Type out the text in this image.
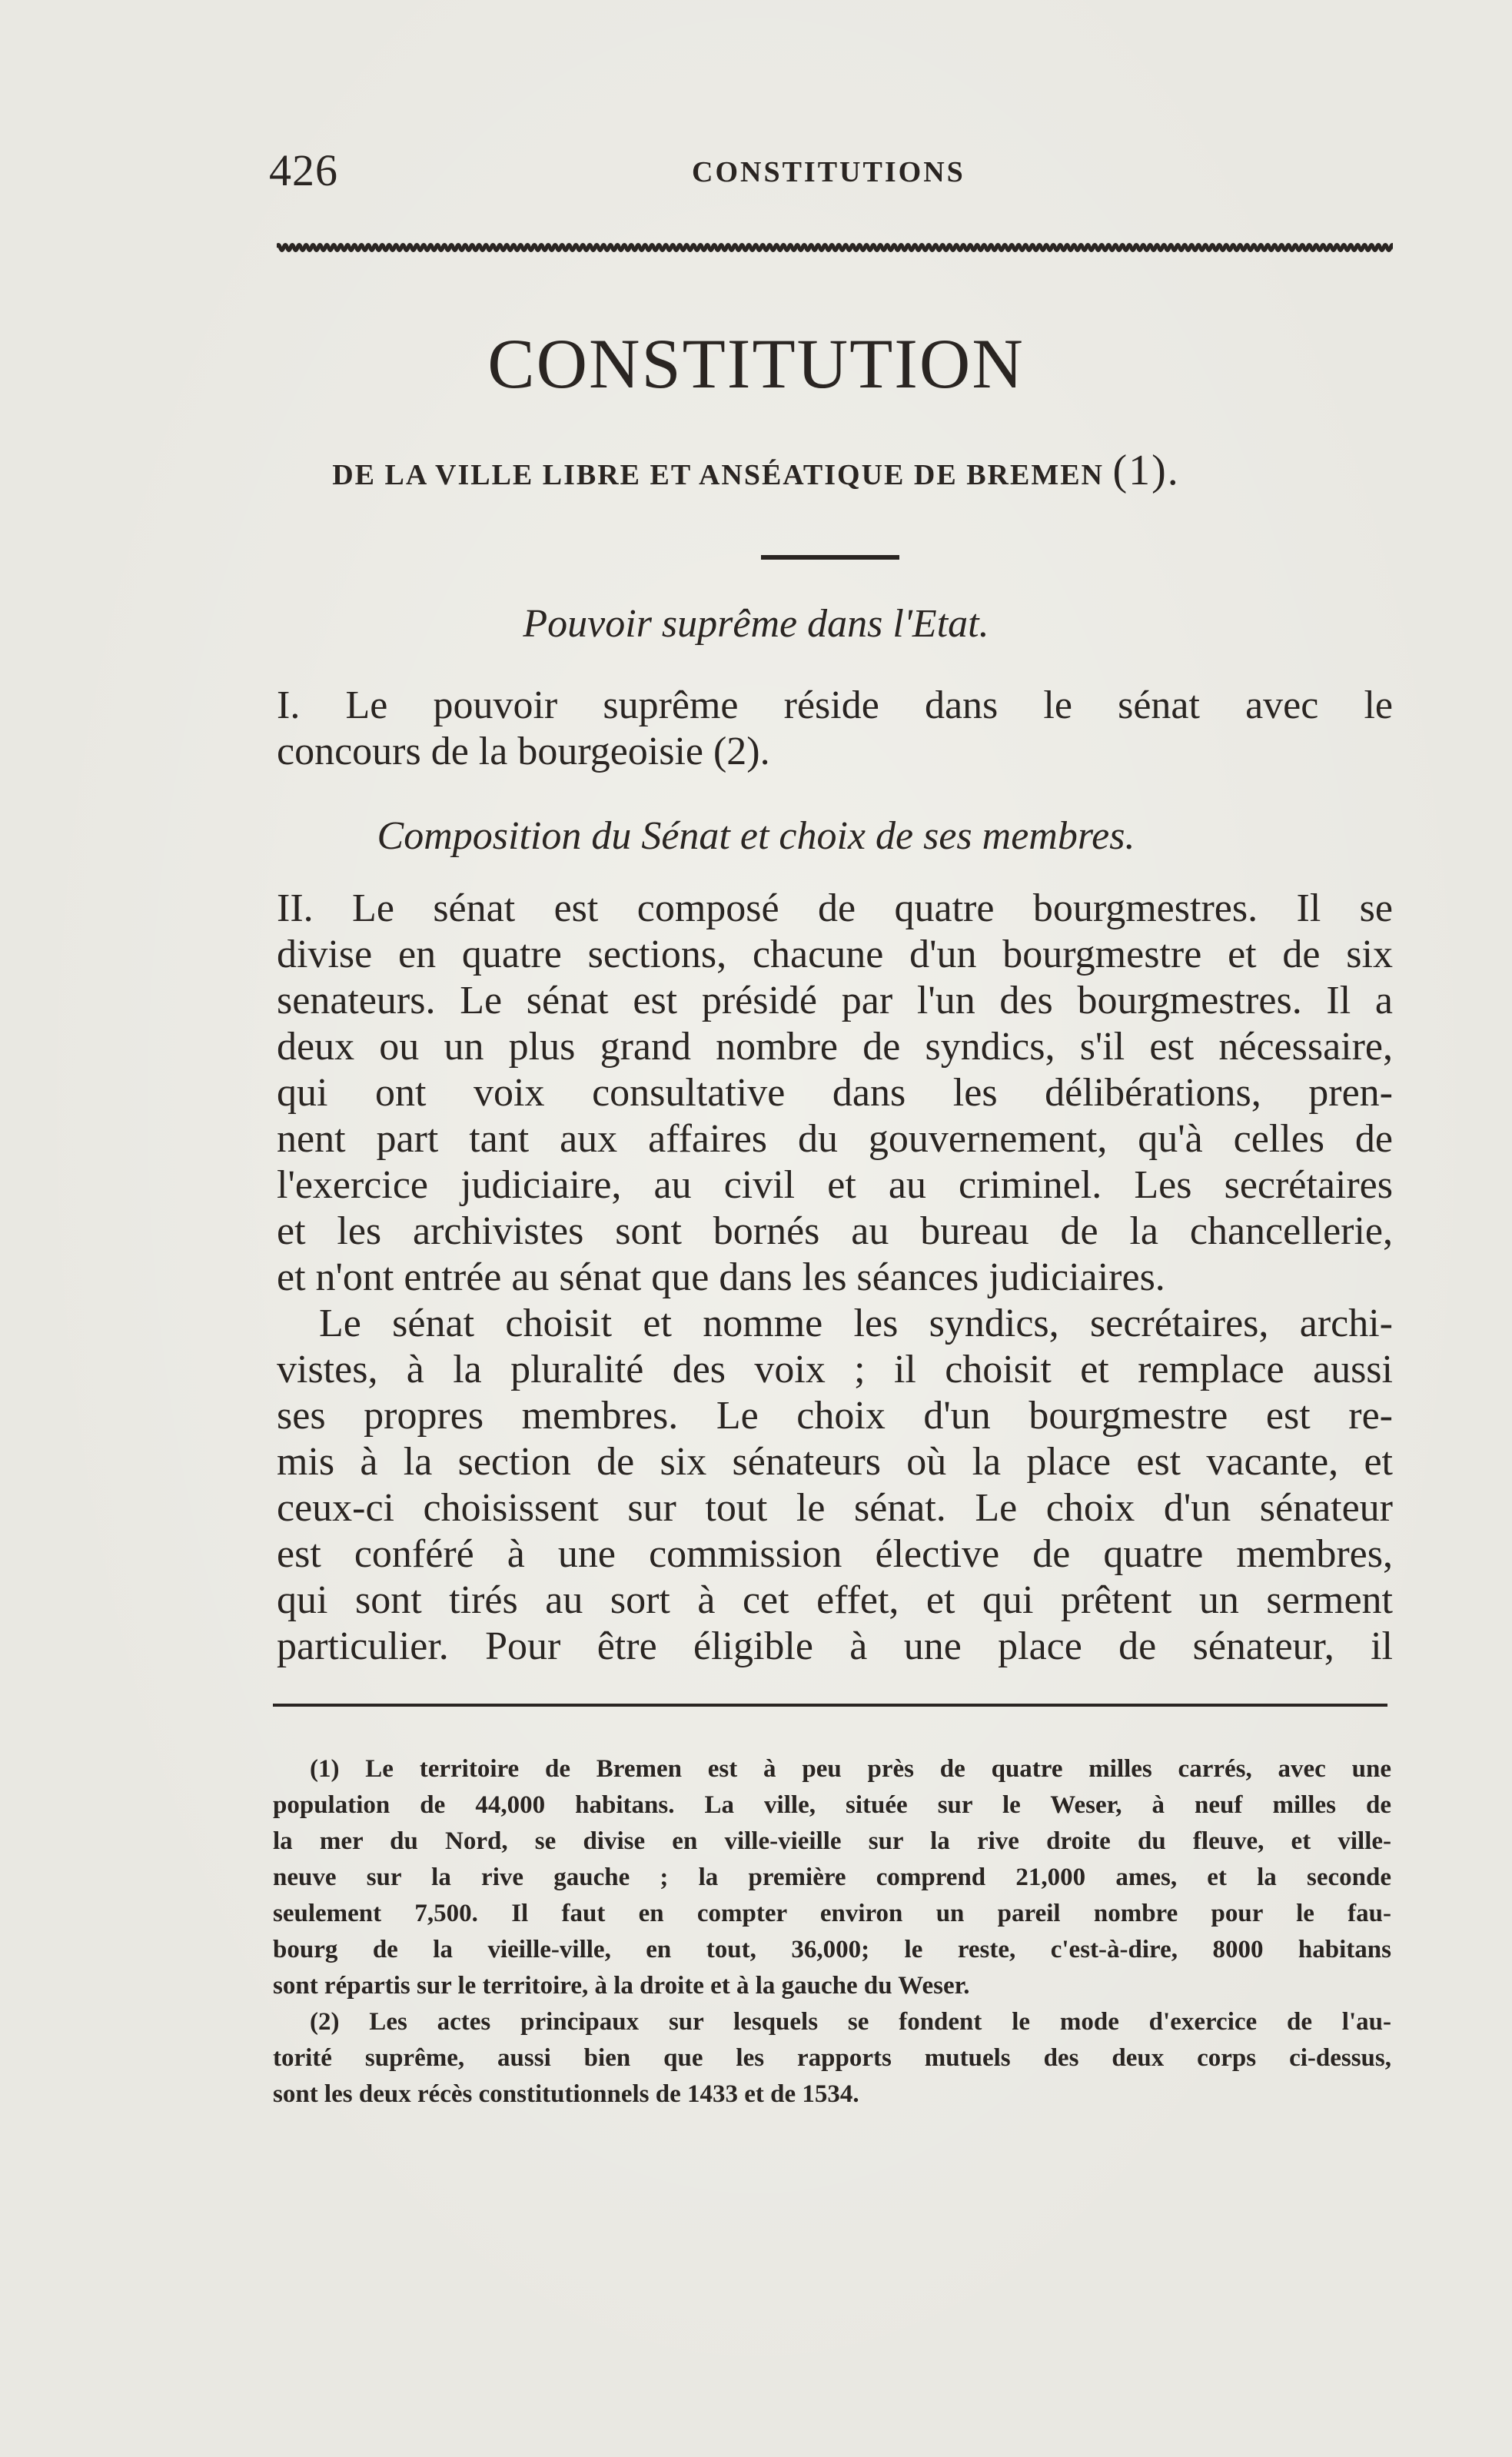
426	CONSTITUTIONS
CONSTITUTION
DE LA VILLE LIBRE ET ANSÉATIQUE DE BREMEN (1).
Pouvoir suprême dans l'Etat.
I. Le pouvoir suprême réside dans le sénat avec le
concours de la bourgeoisie (2).
Composition du Sénat et choix de ses membres.
II. Le sénat est composé de quatre bourgmestres. Il se
divise en quatre sections, chacune d'un bourgmestre et de six
senateurs. Le sénat est présidé par l'un des bourgmestres. Il a
deux ou un plus grand nombre de syndics, s'il est nécessaire,
qui ont voix consultative dans les délibérations, pren-
nent part tant aux affaires du gouvernement, qu'à celles de
l'exercice judiciaire, au civil et au criminel. Les secrétaires
et les archivistes sont bornés au bureau de la chancellerie,
et n'ont entrée au sénat que dans les séances judiciaires.
Le sénat choisit et nomme les syndics, secrétaires, archi-
vistes, à la pluralité des voix ; il choisit et remplace aussi
ses propres membres. Le choix d'un bourgmestre est re-
mis à la section de six sénateurs où la place est vacante, et
ceux-ci choisissent sur tout le sénat. Le choix d'un sénateur
est conféré à une commission élective de quatre membres,
qui sont tirés au sort à cet effet, et qui prêtent un serment
particulier. Pour être éligible à une place de sénateur, il
(1) Le territoire de Bremen est à peu près de quatre milles carrés, avec une
population de 44,000 habitans. La ville, située sur le Weser, à neuf milles de
la mer du Nord, se divise en ville-vieille sur la rive droite du fleuve, et ville-
neuve sur la rive gauche ; la première comprend 21,000 ames, et la seconde
seulement 7,500. Il faut en compter environ un pareil nombre pour le fau-
bourg de la vieille-ville, en tout, 36,000; le reste, c'est-à-dire, 8000 habitans
sont répartis sur le territoire, à la droite et à la gauche du Weser.
(2) Les actes principaux sur lesquels se fondent le mode d'exercice de l'au-
torité suprême, aussi bien que les rapports mutuels des deux corps ci-dessus,
sont les deux récès constitutionnels de 1433 et de 1534.
